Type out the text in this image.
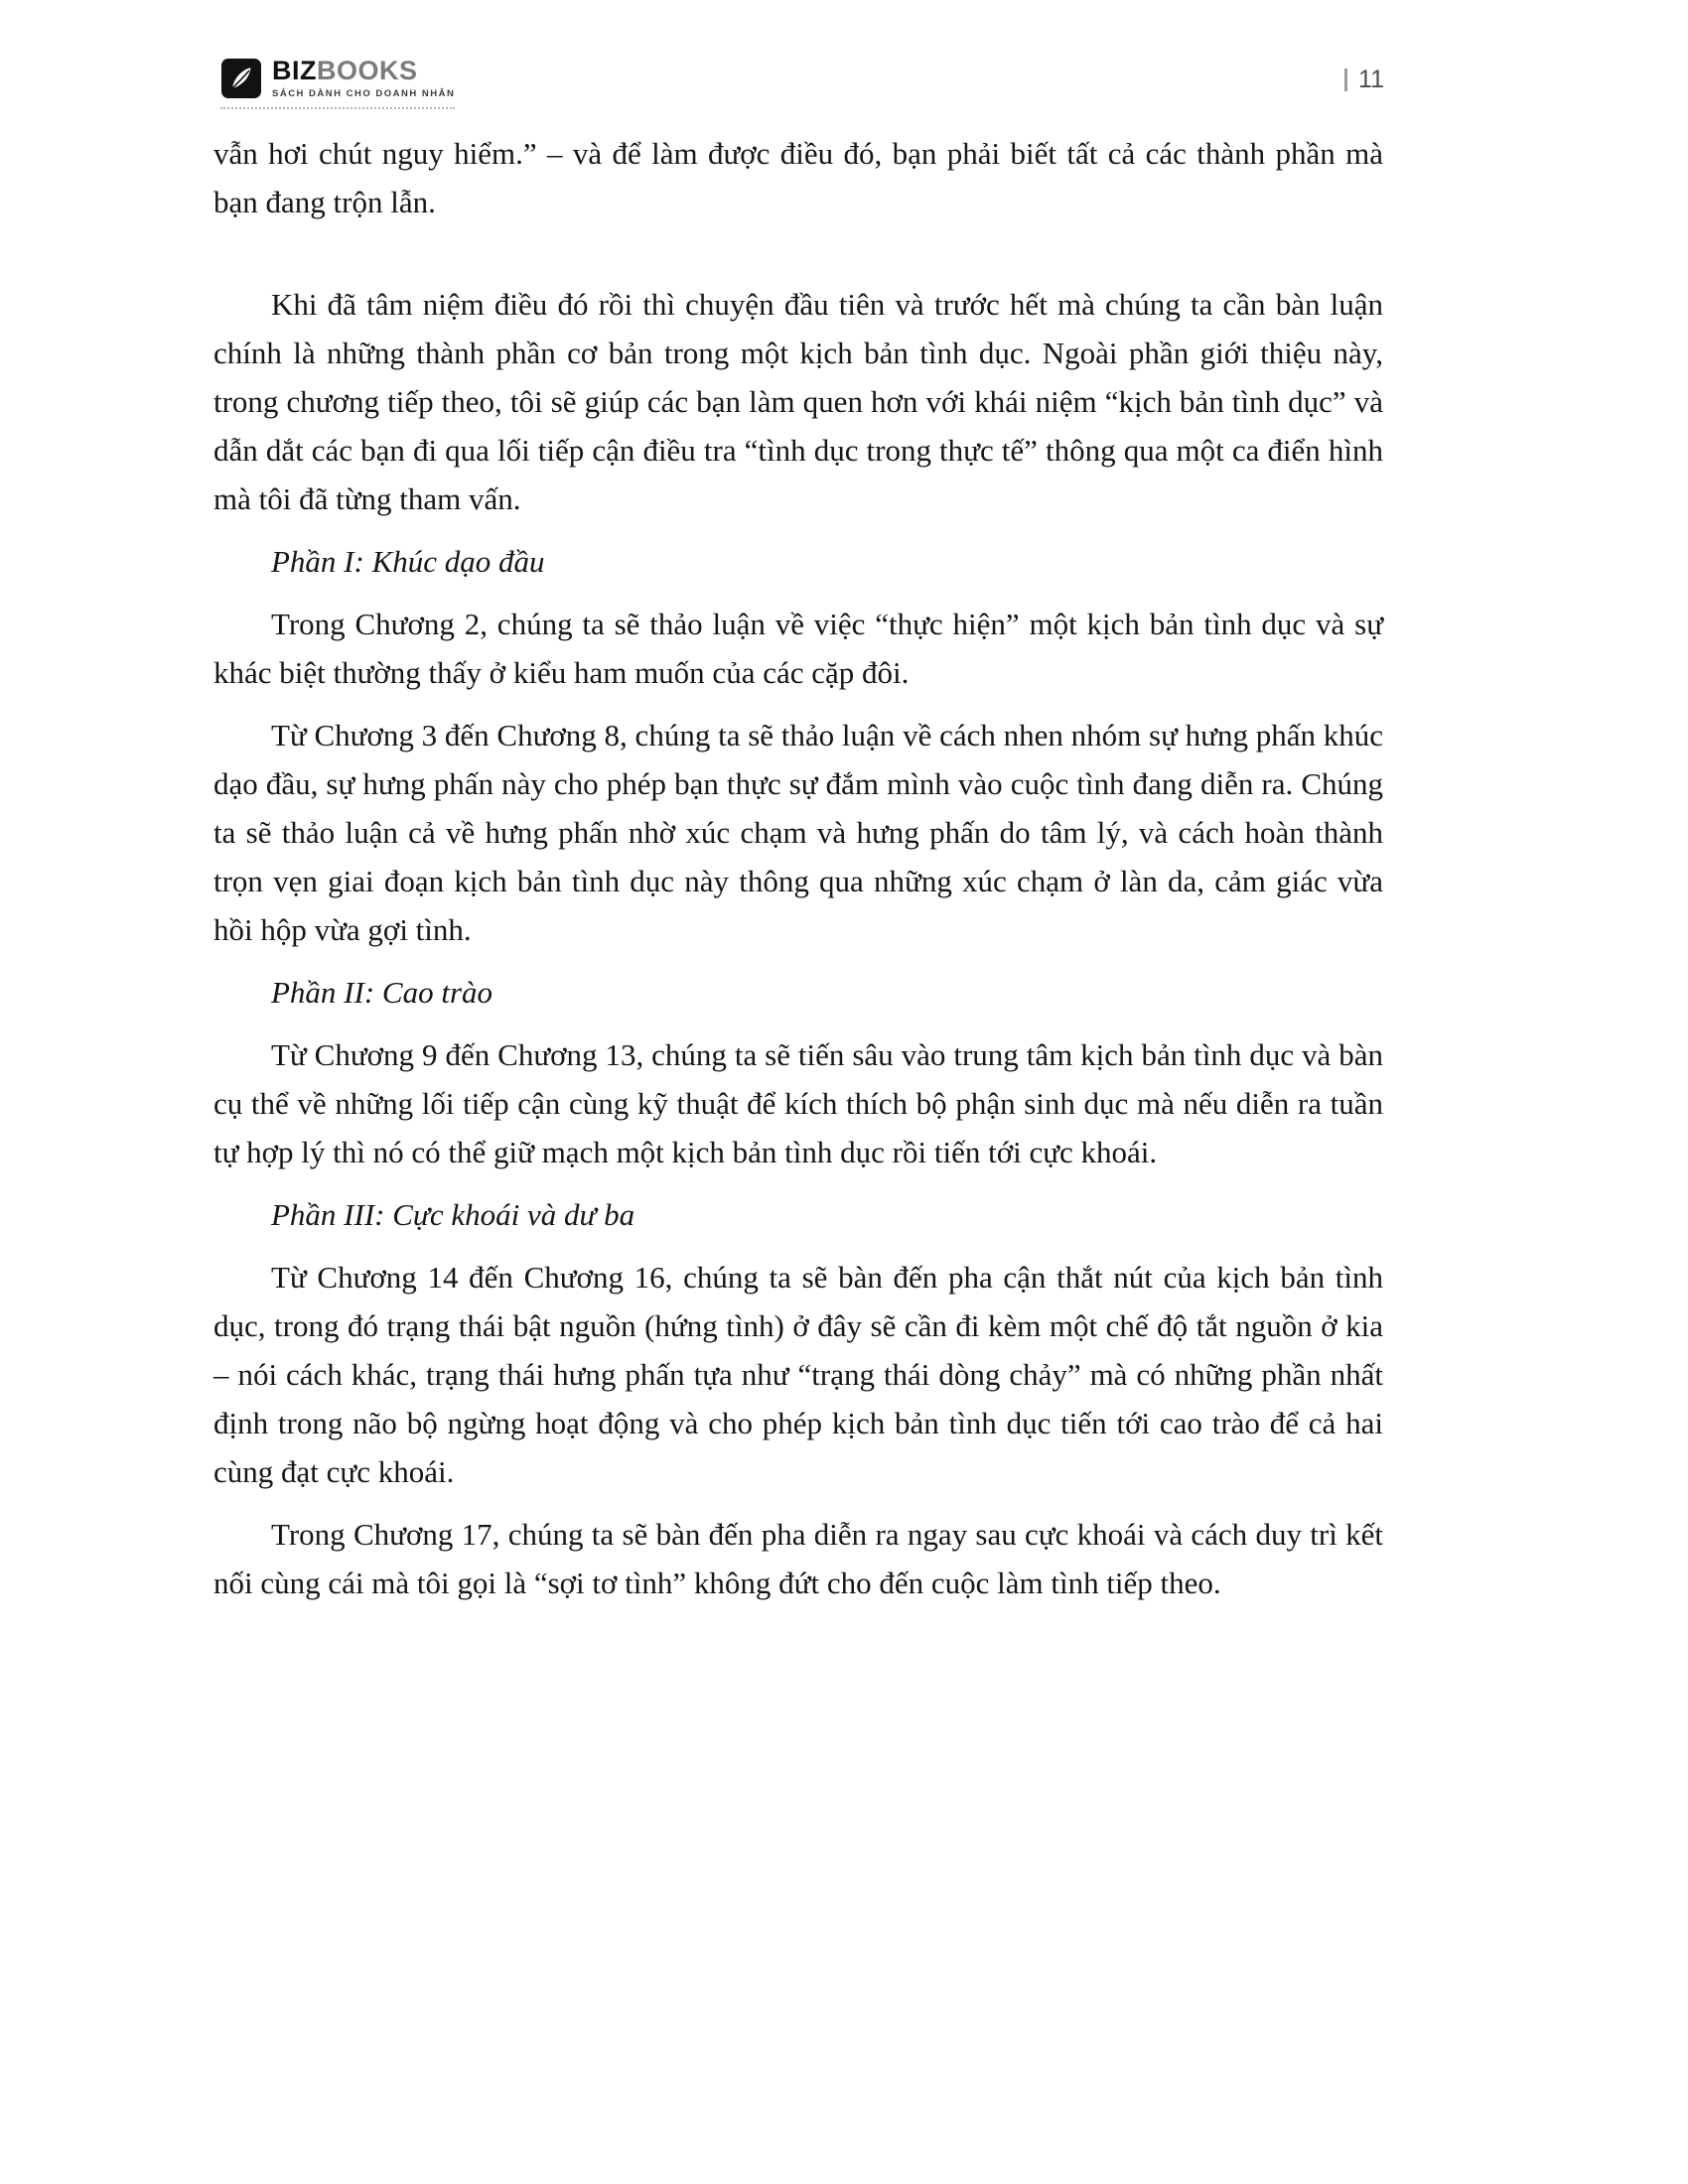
BIZBOOKS
SÁCH DÀNH CHO DOANH NHÂN
11

vẫn hơi chút nguy hiểm.” – và để làm được điều đó, bạn phải biết tất cả các thành phần mà bạn đang trộn lẫn.

Khi đã tâm niệm điều đó rồi thì chuyện đầu tiên và trước hết mà chúng ta cần bàn luận chính là những thành phần cơ bản trong một kịch bản tình dục. Ngoài phần giới thiệu này, trong chương tiếp theo, tôi sẽ giúp các bạn làm quen hơn với khái niệm “kịch bản tình dục” và dẫn dắt các bạn đi qua lối tiếp cận điều tra “tình dục trong thực tế” thông qua một ca điển hình mà tôi đã từng tham vấn.

Phần I: Khúc dạo đầu

Trong Chương 2, chúng ta sẽ thảo luận về việc “thực hiện” một kịch bản tình dục và sự khác biệt thường thấy ở kiểu ham muốn của các cặp đôi.

Từ Chương 3 đến Chương 8, chúng ta sẽ thảo luận về cách nhen nhóm sự hưng phấn khúc dạo đầu, sự hưng phấn này cho phép bạn thực sự đắm mình vào cuộc tình đang diễn ra. Chúng ta sẽ thảo luận cả về hưng phấn nhờ xúc chạm và hưng phấn do tâm lý, và cách hoàn thành trọn vẹn giai đoạn kịch bản tình dục này thông qua những xúc chạm ở làn da, cảm giác vừa hồi hộp vừa gợi tình.

Phần II: Cao trào

Từ Chương 9 đến Chương 13, chúng ta sẽ tiến sâu vào trung tâm kịch bản tình dục và bàn cụ thể về những lối tiếp cận cùng kỹ thuật để kích thích bộ phận sinh dục mà nếu diễn ra tuần tự hợp lý thì nó có thể giữ mạch một kịch bản tình dục rồi tiến tới cực khoái.

Phần III: Cực khoái và dư ba

Từ Chương 14 đến Chương 16, chúng ta sẽ bàn đến pha cận thắt nút của kịch bản tình dục, trong đó trạng thái bật nguồn (hứng tình) ở đây sẽ cần đi kèm một chế độ tắt nguồn ở kia – nói cách khác, trạng thái hưng phấn tựa như “trạng thái dòng chảy” mà có những phần nhất định trong não bộ ngừng hoạt động và cho phép kịch bản tình dục tiến tới cao trào để cả hai cùng đạt cực khoái.

Trong Chương 17, chúng ta sẽ bàn đến pha diễn ra ngay sau cực khoái và cách duy trì kết nối cùng cái mà tôi gọi là “sợi tơ tình” không đứt cho đến cuộc làm tình tiếp theo.
